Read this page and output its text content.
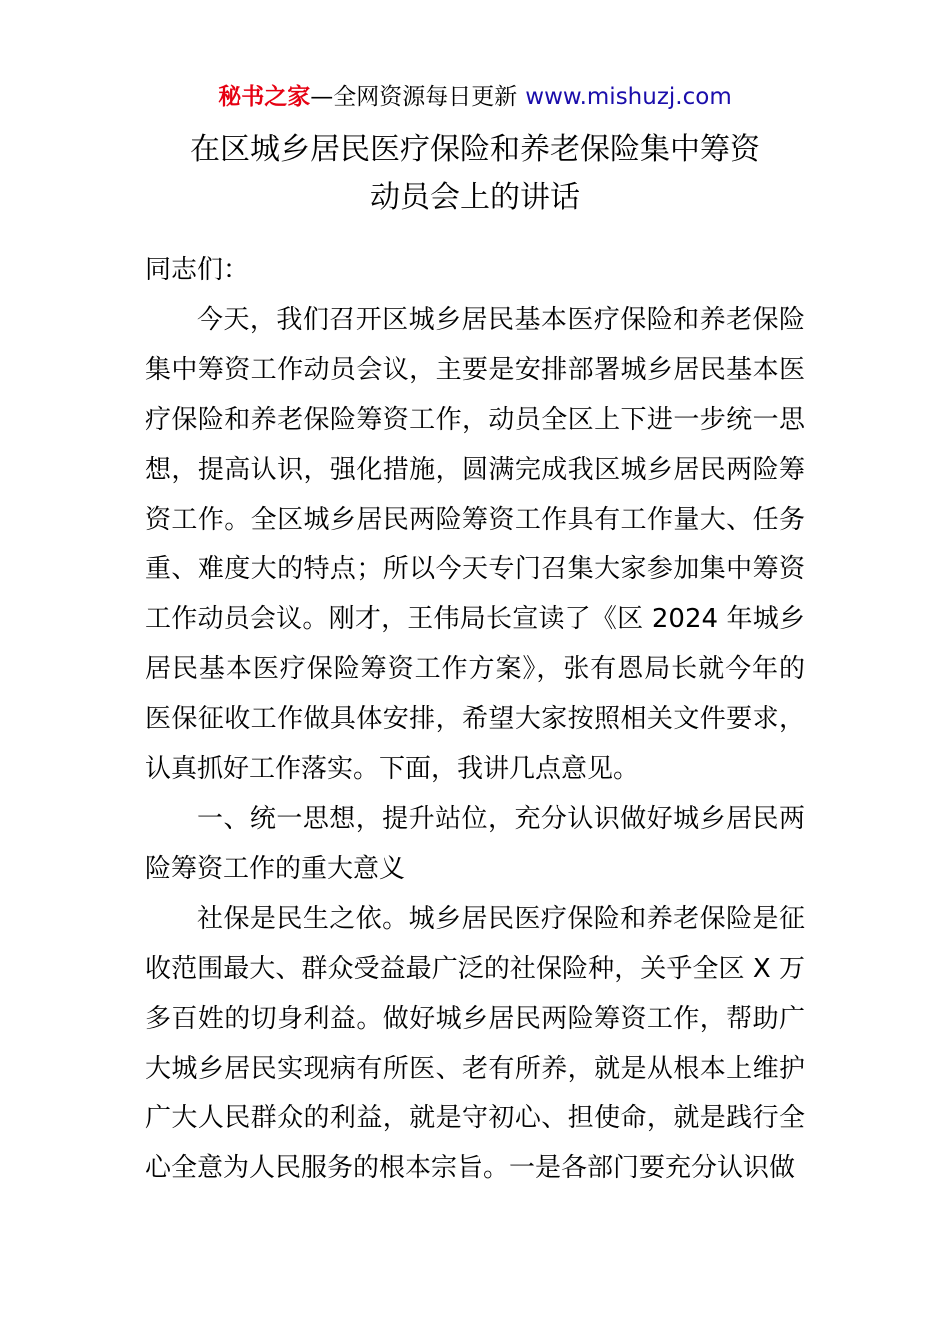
秘书之家—全网资源每日更新 www.mishuzj.com
在区城乡居民医疗保险和养老保险集中筹资
动员会上的讲话

同志们：

今天，我们召开区城乡居民基本医疗保险和养老保险集中筹资工作动员会议，主要是安排部署城乡居民基本医疗保险和养老保险筹资工作，动员全区上下进一步统一思想，提高认识，强化措施，圆满完成我区城乡居民两险筹资工作。全区城乡居民两险筹资工作具有工作量大、任务重、难度大的特点；所以今天专门召集大家参加集中筹资工作动员会议。刚才，王伟局长宣读了《区 2024 年城乡居民基本医疗保险筹资工作方案》，张有恩局长就今年的医保征收工作做具体安排，希望大家按照相关文件要求，认真抓好工作落实。下面，我讲几点意见。

一、统一思想，提升站位，充分认识做好城乡居民两险筹资工作的重大意义

社保是民生之依。城乡居民医疗保险和养老保险是征收范围最大、群众受益最广泛的社保险种，关乎全区 X 万多百姓的切身利益。做好城乡居民两险筹资工作，帮助广大城乡居民实现病有所医、老有所养，就是从根本上维护广大人民群众的利益，就是守初心、担使命，就是践行全心全意为人民服务的根本宗旨。一是各部门要充分认识做
